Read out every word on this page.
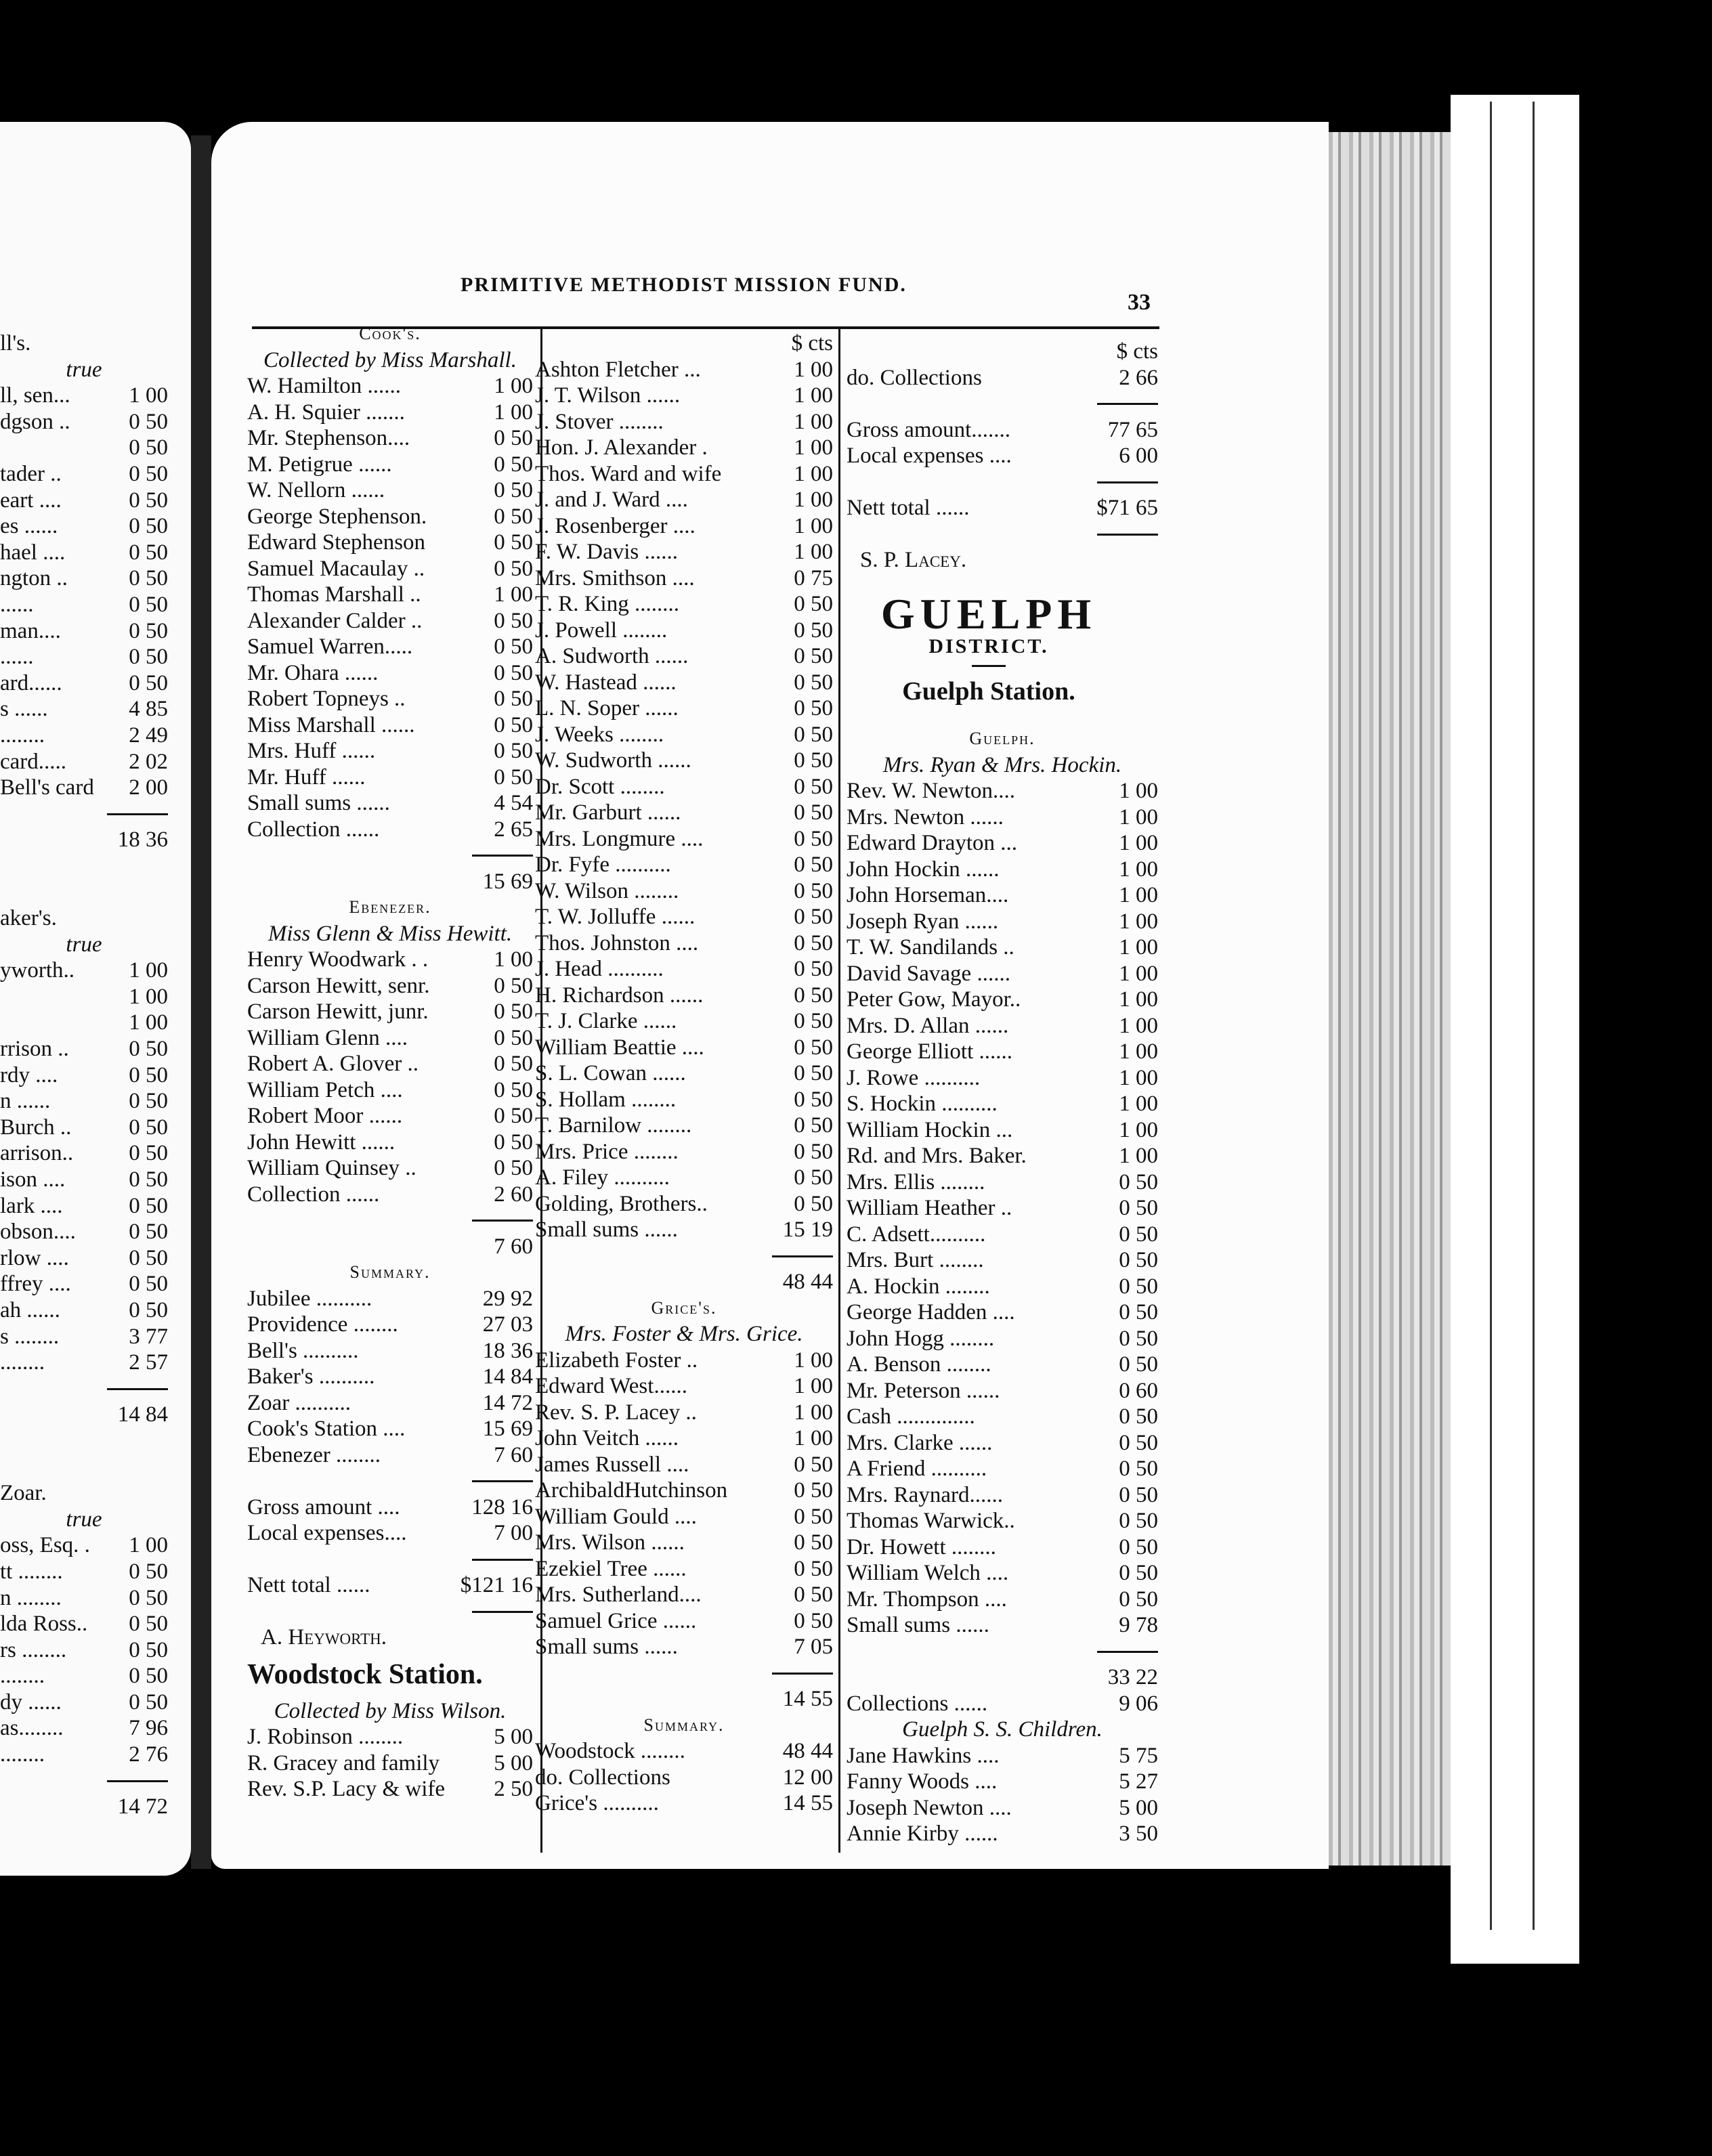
ll's.
true
ll, sen...	1 00
dgson ..	0 50
0 50
tader ..	0 50
eart ....	0 50
es ......	0 50
hael ....	0 50
ngton ..	0 50
......	0 50
man....	0 50
......	0 50
ard......	0 50
s ......	4 85
........	2 49
card.....	2 02
Bell's card 2 00
18 36
aker's.
true
yworth.. 1 00
1 00
1 00
rrison ..	0 50
rdy ....	0 50
n ......	0 50
Burch ..	0 50
arrison.. 0 50
ison ....	0 50
lark ....	0 50
obson.... 0 50
rlow ....	0 50
ffrey ....	0 50
ah ......	0 50
s ........	3 77
........	2 57
14 84
Zoar.
true
oss, Esq. . 1 00
tt ........	0 50
n ........	0 50
lda Ross.. 0 50
rs ........	0 50
........	0 50
dy ......	0 50
as........	7 96
........	2 76
14 72
PRIMITIVE METHODIST MISSION FUND.
33
Cook's.
Collected by Miss Marshall.
W. Hamilton ......	1 00
A. H. Squier .......	1 00
Mr. Stephenson....	0 50
M. Petigrue ......	0 50
W. Nellorn ......	0 50
George Stephenson.	0 50
Edward Stephenson	0 50
Samuel Macaulay ..	0 50
Thomas Marshall ..	1 00
Alexander Calder ..	0 50
Samuel Warren.....	0 50
Mr. Ohara ......	0 50
Robert Topneys ..	0 50
Miss Marshall ......	0 50
Mrs. Huff ......	0 50
Mr. Huff ......	0 50
Small sums ......	4 54
Collection ......	2 65
15 69
Ebenezer.
Miss Glenn & Miss Hewitt.
Henry Woodwark . .	1 00
Carson Hewitt, senr.	0 50
Carson Hewitt, junr.	0 50
William Glenn ....	0 50
Robert A. Glover ..	0 50
William Petch ....	0 50
Robert Moor ......	0 50
John Hewitt ......	0 50
William Quinsey ..	0 50
Collection ......	2 60
7 60
Summary.
Jubilee ..........	29 92
Providence ........	27 03
Bell's ..........	18 36
Baker's ..........	14 84
Zoar ..........	14 72
Cook's Station ....	15 69
Ebenezer ........	7 60
Gross amount ....	128 16
Local expenses....	7 00
Nett total ......	$121 16
A. Heyworth.
Woodstock Station.
Collected by Miss Wilson.
J. Robinson ........	5 00
R. Gracey and family 5 00
Rev. S.P. Lacy & wife 2 50
$ cts
Ashton Fletcher ...	1 00
J. T. Wilson ......	1 00
J. Stover ........	1 00
Hon. J. Alexander .	1 00
Thos. Ward and wife	1 00
J. and J. Ward ....	1 00
J. Rosenberger ....	1 00
F. W. Davis ......	1 00
Mrs. Smithson ....	0 75
T. R. King ........	0 50
J. Powell ........	0 50
A. Sudworth ......	0 50
W. Hastead ......	0 50
L. N. Soper ......	0 50
J. Weeks ........	0 50
W. Sudworth ......	0 50
Dr. Scott ........	0 50
Mr. Garburt ......	0 50
Mrs. Longmure ....	0 50
Dr. Fyfe ..........	0 50
W. Wilson ........	0 50
T. W. Jolluffe ......	0 50
Thos. Johnston ....	0 50
J. Head ..........	0 50
H. Richardson ......	0 50
T. J. Clarke ......	0 50
William Beattie ....	0 50
S. L. Cowan ......	0 50
S. Hollam ........	0 50
T. Barnilow ........	0 50
Mrs. Price ........	0 50
A. Filey ..........	0 50
Golding, Brothers..	0 50
Small sums ......	15 19
48 44
Grice's.
Mrs. Foster & Mrs. Grice.
Elizabeth Foster ..	1 00
Edward West......	1 00
Rev. S. P. Lacey ..	1 00
John Veitch ......	1 00
James Russell ....	0 50
ArchibaldHutchinson	0 50
William Gould ....	0 50
Mrs. Wilson ......	0 50
Ezekiel Tree ......	0 50
Mrs. Sutherland....	0 50
Samuel Grice ......	0 50
Small sums ......	7 05
14 55
Summary.
Woodstock ........	48 44
do. Collections	12 00
Grice's ..........	14 55
$ cts
do. Collections	2 66
Gross amount.......	77 65
Local expenses ....	6 00
Nett total ......	$71 65
S. P. Lacey.
GUELPH
DISTRICT.
Guelph Station.
Guelph.
Mrs. Ryan & Mrs. Hockin.
Rev. W. Newton....	1 00
Mrs. Newton ......	1 00
Edward Drayton ...	1 00
John Hockin ......	1 00
John Horseman....	1 00
Joseph Ryan ......	1 00
T. W. Sandilands ..	1 00
David Savage ......	1 00
Peter Gow, Mayor..	1 00
Mrs. D. Allan ......	1 00
George Elliott ......	1 00
J. Rowe ..........	1 00
S. Hockin ..........	1 00
William Hockin ...	1 00
Rd. and Mrs. Baker.	1 00
Mrs. Ellis ........	0 50
William Heather ..	0 50
C. Adsett..........	0 50
Mrs. Burt ........	0 50
A. Hockin ........	0 50
George Hadden ....	0 50
John Hogg ........	0 50
A. Benson ........	0 50
Mr. Peterson ......	0 60
Cash ..............	0 50
Mrs. Clarke ......	0 50
A Friend ..........	0 50
Mrs. Raynard......	0 50
Thomas Warwick..	0 50
Dr. Howett ........	0 50
William Welch ....	0 50
Mr. Thompson ....	0 50
Small sums ......	9 78
33 22
Collections ......	9 06
Guelph S. S. Children.
Jane Hawkins ....	5 75
Fanny Woods ....	5 27
Joseph Newton ....	5 00
Annie Kirby ......	3 50
